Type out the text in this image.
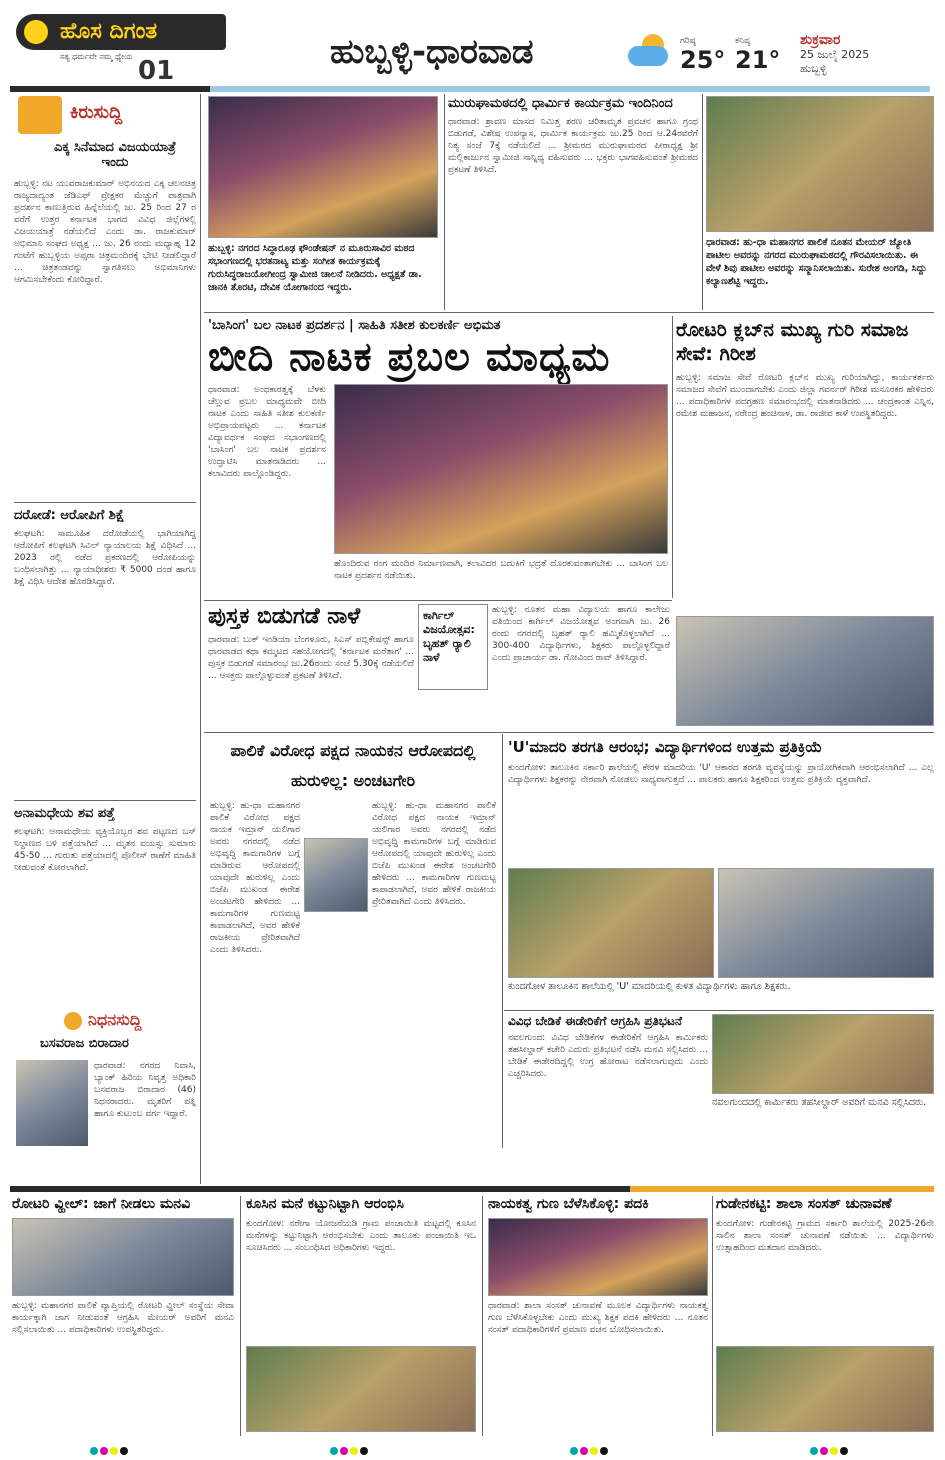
ಹೊಸ ದಿಗಂತ
ಸತ್ಯ ಧರ್ಮವೇ ನಮ್ಮ ಧ್ಯೇಯ 01	ಹುಬ್ಬಳ್ಳಿ-ಧಾರವಾಡ	ಗರಿಷ್ಠ
25°
ಕನಿಷ್ಠ
21°
ಶುಕ್ರವಾರ
25 ಜುಲೈ 2025
ಹುಬ್ಬಳ್ಳಿ
ಕಿರುಸುದ್ದಿ
ಎಕ್ಕ ಸಿನೆಮಾದ ವಿಜಯಯಾತ್ರೆ ಇಂದು
ಹುಬ್ಬಳ್ಳಿ: ನಟ ಯುವರಾಜಕುಮಾರ್ ಅಭಿನಯದ ಎಕ್ಕ ಚಲನಚಿತ್ರ ರಾಜ್ಯದಾದ್ಯಂತ ಜೆಡಿಎಫ್ ಪ್ರೇಕ್ಷಕರ ಮೆಚ್ಚುಗೆ ಪಾತ್ರವಾಗಿ ಪ್ರದರ್ಶನ ಕಾಣುತ್ತಿರುವ ಹಿನ್ನೆಲೆಯಲ್ಲಿ ಜು. 25 ರಿಂದ 27 ರ ವರೆಗೆ ಉತ್ತರ ಕರ್ನಾಟಕ ಭಾಗದ ವಿವಿಧ ಜಿಲ್ಲೆಗಳಲ್ಲಿ ವಿಜಯಯಾತ್ರೆ ನಡೆಯಲಿದೆ ಎಂದು ಡಾ. ರಾಜಕುಮಾರ್ ಅಭಿಮಾನಿ ಸಂಘದ ಅಧ್ಯಕ್ಷ ... ಜು. 26 ರಂದು ಮಧ್ಯಾಹ್ನ 12 ಗಂಟೆಗೆ ಹುಬ್ಬಳ್ಳಿಯ ಅಪ್ಸರಾ ಚಿತ್ರಮಂದಿರಕ್ಕೆ ಭೇಟಿ ನೀಡಲಿದ್ದಾರೆ ... ಚಿತ್ರತಂಡವನ್ನು ಸ್ವಾಗತಿಸಲು ಅಭಿಮಾನಿಗಳು ಆಗಮಿಸಬೇಕೆಂದು ಕೋರಿದ್ದಾರೆ.
ದರೋಡೆ: ಆರೋಪಿಗೆ ಶಿಕ್ಷೆ
ಕಲಘಟಗಿ: ಸಾಮೂಹಿಕ ದರೋಡೆಯಲ್ಲಿ ಭಾಗಿಯಾಗಿದ್ದ ಆರೋಪಿಗೆ ಕಲಘಟಗಿ ಸಿವಿಲ್ ನ್ಯಾಯಾಲಯ ಶಿಕ್ಷೆ ವಿಧಿಸಿದೆ ... 2023 ರಲ್ಲಿ ನಡೆದ ಪ್ರಕರಣದಲ್ಲಿ ಆರೋಪಿಯನ್ನು ಬಂಧಿಸಲಾಗಿತ್ತು ... ನ್ಯಾಯಾಧೀಶರು ₹ 5000 ದಂಡ ಹಾಗೂ ಶಿಕ್ಷೆ ವಿಧಿಸಿ ಆದೇಶ ಹೊರಡಿಸಿದ್ದಾರೆ.
ಅನಾಮಧೇಯ ಶವ ಪತ್ತೆ
ಕಲಘಟಗಿ: ಅನಾಮಧೇಯ ವ್ಯಕ್ತಿಯೊಬ್ಬರ ಶವ ಪಟ್ಟಣದ ಬಸ್ ನಿಲ್ದಾಣದ ಬಳಿ ಪತ್ತೆಯಾಗಿದೆ ... ಮೃತನ ವಯಸ್ಸು ಸುಮಾರು 45-50 ... ಗುರುತು ಪತ್ತೆಯಾದಲ್ಲಿ ಪೊಲೀಸ್ ಠಾಣೆಗೆ ಮಾಹಿತಿ ನೀಡುವಂತೆ ಕೋರಲಾಗಿದೆ.
ನಿಧನಸುದ್ದಿ
ಬಸವರಾಜ ಬಿರಾದಾರ
ಧಾರವಾಡ: ನಗರದ ನಿವಾಸಿ, ಬ್ಯಾಂಕ್ ಹಿರಿಯ ನಿವೃತ್ತ ಅಧಿಕಾರಿ ಬಸವರಾಜ ಬಿರಾದಾರ (46) ನಿಧನರಾದರು. ಮೃತರಿಗೆ ಪತ್ನಿ ಹಾಗೂ ಕುಟುಂಬ ವರ್ಗ ಇದ್ದಾರೆ.
ಹುಬ್ಬಳ್ಳಿ: ನಗರದ ಸಿದ್ಧಾರೂಢ ಫೌಂಡೇಷನ್‌ ನ ಮೂರುಸಾವಿರ ಮಠದ ಸಭಾಂಗಣದಲ್ಲಿ ಭರತನಾಟ್ಯ ಮತ್ತು ಸಂಗೀತ ಕಾರ್ಯಕ್ರಮಕ್ಕೆ ಗುರುಸಿದ್ಧರಾಜಯೋಗೀಂದ್ರ ಸ್ವಾಮೀಜಿ ಚಾಲನೆ ನೀಡಿದರು. ಅಧ್ಯಕ್ಷತೆ ಡಾ. ಜಾನಕಿ ತೊರಟಿ, ದೇವಿಕ ಯೋಗಾನಂದ ಇದ್ದರು.
ಮುರುಘಾಮಠದಲ್ಲಿ ಧಾರ್ಮಿಕ ಕಾರ್ಯಕ್ರಮ ಇಂದಿನಿಂದ
ಧಾರವಾಡ: ಶ್ರಾವಣ ಮಾಸದ ನಿಮಿತ್ತ ಶರಣ ಚರಿತಾಮೃತ ಪ್ರವಚನ ಹಾಗೂ ಗ್ರಂಥ ಬಿಡುಗಡೆ, ವಿಶೇಷ ಉಪನ್ಯಾಸ, ಧಾರ್ಮಿಕ ಕಾರ್ಯಕ್ರಮ ಜು.25 ರಿಂದ ಆ.24ರವರೆಗೆ ನಿತ್ಯ ಸಂಜೆ 7ಕ್ಕೆ ನಡೆಯಲಿದೆ ... ಶ್ರೀಮಠದ ಮುರುಘಾಮಠದ ಪೀಠಾಧ್ಯಕ್ಷ ಶ್ರೀ ಮಲ್ಲಿಕಾರ್ಜುನ ಸ್ವಾಮೀಜಿ ಸಾನ್ನಿಧ್ಯ ವಹಿಸುವರು ... ಭಕ್ತರು ಭಾಗವಹಿಸುವಂತೆ ಶ್ರೀಮಠದ ಪ್ರಕಟಣೆ ತಿಳಿಸಿದೆ.
ಧಾರವಾಡ: ಹು-ಧಾ ಮಹಾನಗರ ಪಾಲಿಕೆ ನೂತನ ಮೇಯರ್ ಜ್ಯೋತಿ ಪಾಟೀಲ ಅವರನ್ನು ನಗರದ ಮುರುಘಾಮಠದಲ್ಲಿ ಗೌರವಿಸಲಾಯಿತು. ಈ ವೇಳೆ ಶಿವು ಪಾಟೀಲ ಅವರನ್ನು ಸನ್ಮಾನಿಸಲಾಯಿತು. ಸುರೇಶ ಅಂಗಡಿ, ಸಿದ್ದು ಕಲ್ಯಾಣಶೆಟ್ಟಿ ಇದ್ದರು.
'ಬಾಸಿಂಗ' ಬಲ ನಾಟಕ ಪ್ರದರ್ಶನ | ಸಾಹಿತಿ ಸತೀಶ ಕುಲಕರ್ಣಿ ಅಭಿಮತ
ಬೀದಿ ನಾಟಕ ಪ್ರಬಲ ಮಾಧ್ಯಮ
ಧಾರವಾಡ: ಅಂಧಕಾರತ್ವಕ್ಕೆ ಬೆಳಕು ಚೆಲ್ಲುವ ಪ್ರಬಲ ಮಾಧ್ಯಮವೇ ಬೀದಿ ನಾಟಕ ಎಂದು ಸಾಹಿತಿ ಸತೀಶ ಕುಲಕರ್ಣಿ ಅಭಿಪ್ರಾಯಪಟ್ಟರು ... ಕರ್ನಾಟಕ ವಿದ್ಯಾವರ್ಧಕ ಸಂಘದ ಸಭಾಂಗಣದಲ್ಲಿ 'ಬಾಸಿಂಗ' ಬಲ ನಾಟಕ ಪ್ರದರ್ಶನ ಉದ್ಘಾಟಿಸಿ ಮಾತನಾಡಿದರು ... ಕಲಾವಿದರು ಪಾಲ್ಗೊಂಡಿದ್ದರು.
ಹೊಂದಿರುವ ರಂಗ ಮಂದಿರ ನಿರ್ಮಾಣವಾಗಿ, ಕಲಾವಿದರ ಬದುಕಿಗೆ ಭದ್ರತೆ ದೊರಕುವಂತಾಗಬೇಕು ... ಬಾಸಿಂಗ ಬಲ ನಾಟಕ ಪ್ರದರ್ಶನ ನಡೆಯಿತು.
ರೋಟರಿ ಕ್ಲಬ್‌ನ ಮುಖ್ಯ ಗುರಿ ಸಮಾಜ ಸೇವೆ: ಗಿರೀಶ
ಹುಬ್ಬಳ್ಳಿ: ಸಮಾಜ ಸೇವೆ ರೋಟರಿ ಕ್ಲಬ್‌ನ ಮುಖ್ಯ ಗುರಿಯಾಗಿದ್ದು, ಕಾರ್ಯಕರ್ತರು ಸಮಾಜದ ಸೇವೆಗೆ ಮುಂದಾಗಬೇಕು ಎಂದು ಜಿಲ್ಲಾ ಗವರ್ನರ್ ಗಿರೀಶ ಮಸೂರಕರ ಹೇಳಿದರು ... ಪದಾಧಿಕಾರಿಗಳ ಪದಗ್ರಹಣ ಸಮಾರಂಭದಲ್ಲಿ ಮಾತನಾಡಿದರು ... ಚಂದ್ರಕಾಂತ ಎನ್ನಿನ, ರಮೇಶ ಮಹಾಜನ, ನರೇಂದ್ರ ಹಂಚಿನಾಳ, ಡಾ. ರಾಜೀವ ಕಾಳೆ ಉಪಸ್ಥಿತರಿದ್ದರು.
ಪುಸ್ತಕ ಬಿಡುಗಡೆ ನಾಳೆ
ಧಾರವಾಡ: ಬುಕ್ ಇಂಡಿಯಾ ಬೆಂಗಳೂರು, ಸಿಎಸ್ ಪಬ್ಲಿಕೇಷನ್ಸ್ ಹಾಗೂ ಧಾರವಾಡದ ಕಥಾ ಕಮ್ಮಟದ ಸಹಯೋಗದಲ್ಲಿ 'ಕರ್ನಾಟಕ ಮರೆತಾಗ' ... ಪುಸ್ತಕ ಬಿಡುಗಡೆ ಸಮಾರಂಭ ಜು.26ರಂದು ಸಂಜೆ 5.30ಕ್ಕೆ ನಡೆಯಲಿದೆ ... ಆಸಕ್ತರು ಪಾಲ್ಗೊಳ್ಳುವಂತೆ ಪ್ರಕಟಣೆ ತಿಳಿಸಿದೆ.
ಕಾರ್ಗಿಲ್ ವಿಜಯೋತ್ಸವ: ಬೃಹತ್ ರ‍್ಯಾಲಿ ನಾಳೆ
ಹುಬ್ಬಳ್ಳಿ: ನೂತನ ಮಹಾ ವಿದ್ಯಾಲಯ ಹಾಗೂ ಕಾಲೇಜು ವತಿಯಿಂದ ಕಾರ್ಗಿಲ್ ವಿಜಯೋತ್ಸವ ಅಂಗವಾಗಿ ಜು. 26 ರಂದು ನಗರದಲ್ಲಿ ಬೃಹತ್ ರ‍್ಯಾಲಿ ಹಮ್ಮಿಕೊಳ್ಳಲಾಗಿದೆ ... 300-400 ವಿದ್ಯಾರ್ಥಿಗಳು, ಶಿಕ್ಷಕರು ಪಾಲ್ಗೊಳ್ಳಲಿದ್ದಾರೆ ಎಂದು ಪ್ರಾಚಾರ್ಯ ಡಾ. ಗೋವಿಂದ ರಾವ್ ತಿಳಿಸಿದ್ದಾರೆ.
ಪಾಲಿಕೆ ವಿರೋಧ ಪಕ್ಷದ ನಾಯಕನ ಆರೋಪದಲ್ಲಿ ಹುರುಳಿಲ್ಲ: ಅಂಚಟಗೇರಿ
ಹುಬ್ಬಳ್ಳಿ: ಹು-ಧಾ ಮಹಾನಗರ ಪಾಲಿಕೆ ವಿರೋಧ ಪಕ್ಷದ ನಾಯಕ ಇಮ್ರಾನ್ ಯಲಿಗಾರ ಅವರು ನಗರದಲ್ಲಿ ನಡೆದ ಅಭಿವೃದ್ಧಿ ಕಾಮಗಾರಿಗಳ ಬಗ್ಗೆ ಮಾಡಿರುವ ಆರೋಪದಲ್ಲಿ ಯಾವುದೇ ಹುರುಳಿಲ್ಲ ಎಂದು ಬಿಜೆಪಿ ಮುಖಂಡ ಈರೇಶ ಅಂಚಟಗೇರಿ ಹೇಳಿದರು ... ಕಾಮಗಾರಿಗಳ ಗುಣಮಟ್ಟ ಕಾಪಾಡಲಾಗಿದೆ, ಅವರ ಹೇಳಿಕೆ ರಾಜಕೀಯ ಪ್ರೇರಿತವಾಗಿದೆ ಎಂದು ತಿಳಿಸಿದರು.
ಹುಬ್ಬಳ್ಳಿ: ಹು-ಧಾ ಮಹಾನಗರ ಪಾಲಿಕೆ ವಿರೋಧ ಪಕ್ಷದ ನಾಯಕ ಇಮ್ರಾನ್ ಯಲಿಗಾರ ಅವರು ನಗರದಲ್ಲಿ ನಡೆದ ಅಭಿವೃದ್ಧಿ ಕಾಮಗಾರಿಗಳ ಬಗ್ಗೆ ಮಾಡಿರುವ ಆರೋಪದಲ್ಲಿ ಯಾವುದೇ ಹುರುಳಿಲ್ಲ ಎಂದು ಬಿಜೆಪಿ ಮುಖಂಡ ಈರೇಶ ಅಂಚಟಗೇರಿ ಹೇಳಿದರು ... ಕಾಮಗಾರಿಗಳ ಗುಣಮಟ್ಟ ಕಾಪಾಡಲಾಗಿದೆ, ಅವರ ಹೇಳಿಕೆ ರಾಜಕೀಯ ಪ್ರೇರಿತವಾಗಿದೆ ಎಂದು ತಿಳಿಸಿದರು.
'U'ಮಾದರಿ ತರಗತಿ ಆರಂಭ; ವಿದ್ಯಾರ್ಥಿಗಳಿಂದ ಉತ್ತಮ ಪ್ರತಿಕ್ರಿಯೆ
ಕುಂದಗೋಳ: ತಾಲೂಕಿನ ಸರ್ಕಾರಿ ಶಾಲೆಯಲ್ಲಿ ಕೇರಳ ಮಾದರಿಯ 'U' ಆಕಾರದ ತರಗತಿ ವ್ಯವಸ್ಥೆಯನ್ನು ಪ್ರಾಯೋಗಿಕವಾಗಿ ಆರಂಭಿಸಲಾಗಿದೆ ... ಎಲ್ಲ ವಿದ್ಯಾರ್ಥಿಗಳು ಶಿಕ್ಷಕರನ್ನು ನೇರವಾಗಿ ನೋಡಲು ಸಾಧ್ಯವಾಗುತ್ತದೆ ... ಪಾಲಕರು ಹಾಗೂ ಶಿಕ್ಷಕರಿಂದ ಉತ್ತಮ ಪ್ರತಿಕ್ರಿಯೆ ವ್ಯಕ್ತವಾಗಿದೆ.
ಕುಂದಗೋಳ ತಾಲೂಕಿನ ಶಾಲೆಯಲ್ಲಿ 'U' ಮಾದರಿಯಲ್ಲಿ ಕುಳಿತ ವಿದ್ಯಾರ್ಥಿಗಳು ಹಾಗೂ ಶಿಕ್ಷಕರು.
ವಿವಿಧ ಬೇಡಿಕೆ ಈಡೇರಿಕೆಗೆ ಆಗ್ರಹಿಸಿ ಪ್ರತಿಭಟನೆ
ನವಲಗುಂದ: ವಿವಿಧ ಬೇಡಿಕೆಗಳ ಈಡೇರಿಕೆಗೆ ಆಗ್ರಹಿಸಿ ಕಾರ್ಮಿಕರು ತಹಸೀಲ್ದಾರ್ ಕಚೇರಿ ಎದುರು ಪ್ರತಿಭಟನೆ ನಡೆಸಿ ಮನವಿ ಸಲ್ಲಿಸಿದರು ... ಬೇಡಿಕೆ ಈಡೇರದಿದ್ದಲ್ಲಿ ಉಗ್ರ ಹೋರಾಟ ನಡೆಸಲಾಗುವುದು ಎಂದು ಎಚ್ಚರಿಸಿದರು.
ನವಲಗುಂದದಲ್ಲಿ ಕಾರ್ಮಿಕರು ತಹಸೀಲ್ದಾರ್ ಅವರಿಗೆ ಮನವಿ ಸಲ್ಲಿಸಿದರು.
ರೋಟರಿ ವ್ಹೀಲ್: ಜಾಗೆ ನೀಡಲು ಮನವಿ
ಹುಬ್ಬಳ್ಳಿ: ಮಹಾನಗರ ಪಾಲಿಕೆ ವ್ಯಾಪ್ತಿಯಲ್ಲಿ ರೋಟರಿ ವ್ಹೀಲ್ ಸಂಸ್ಥೆಯ ಸೇವಾ ಕಾರ್ಯಕ್ಕಾಗಿ ಜಾಗ ನೀಡುವಂತೆ ಆಗ್ರಹಿಸಿ ಮೇಯರ್ ಅವರಿಗೆ ಮನವಿ ಸಲ್ಲಿಸಲಾಯಿತು ... ಪದಾಧಿಕಾರಿಗಳು ಉಪಸ್ಥಿತರಿದ್ದರು.
ಕೂಸಿನ ಮನೆ ಕಟ್ಟುನಿಟ್ಟಾಗಿ ಆರಂಭಿಸಿ
ಕುಂದಗೋಳ: ನರೇಗಾ ಯೋಜನೆಯಡಿ ಗ್ರಾಮ ಪಂಚಾಯಿತಿ ಮಟ್ಟದಲ್ಲಿ ಕೂಸಿನ ಮನೆಗಳನ್ನು ಕಟ್ಟುನಿಟ್ಟಾಗಿ ಆರಂಭಿಸಬೇಕು ಎಂದು ತಾಲೂಕು ಪಂಚಾಯಿತಿ ಇಒ ಸೂಚಿಸಿದರು ... ಸಂಬಂಧಿಸಿದ ಅಧಿಕಾರಿಗಳು ಇದ್ದರು.
ನಾಯಕತ್ವ ಗುಣ ಬೆಳೆಸಿಕೊಳ್ಳಿ: ಪದಕಿ
ಧಾರವಾಡ: ಶಾಲಾ ಸಂಸತ್ ಚುನಾವಣೆ ಮೂಲಕ ವಿದ್ಯಾರ್ಥಿಗಳು ನಾಯಕತ್ವ ಗುಣ ಬೆಳೆಸಿಕೊಳ್ಳಬೇಕು ಎಂದು ಮುಖ್ಯ ಶಿಕ್ಷಕ ಪದಕಿ ಹೇಳಿದರು ... ನೂತನ ಸಂಸತ್ ಪದಾಧಿಕಾರಿಗಳಿಗೆ ಪ್ರಮಾಣ ವಚನ ಬೋಧಿಸಲಾಯಿತು.
ಗುಡೇನಕಟ್ಟಿ: ಶಾಲಾ ಸಂಸತ್ ಚುನಾವಣೆ
ಕುಂದಗೋಳ: ಗುಡೇನಕಟ್ಟಿ ಗ್ರಾಮದ ಸರ್ಕಾರಿ ಶಾಲೆಯಲ್ಲಿ 2025-26ನೇ ಸಾಲಿನ ಶಾಲಾ ಸಂಸತ್ ಚುನಾವಣೆ ನಡೆಯಿತು ... ವಿದ್ಯಾರ್ಥಿಗಳು ಉತ್ಸಾಹದಿಂದ ಮತದಾನ ಮಾಡಿದರು.
